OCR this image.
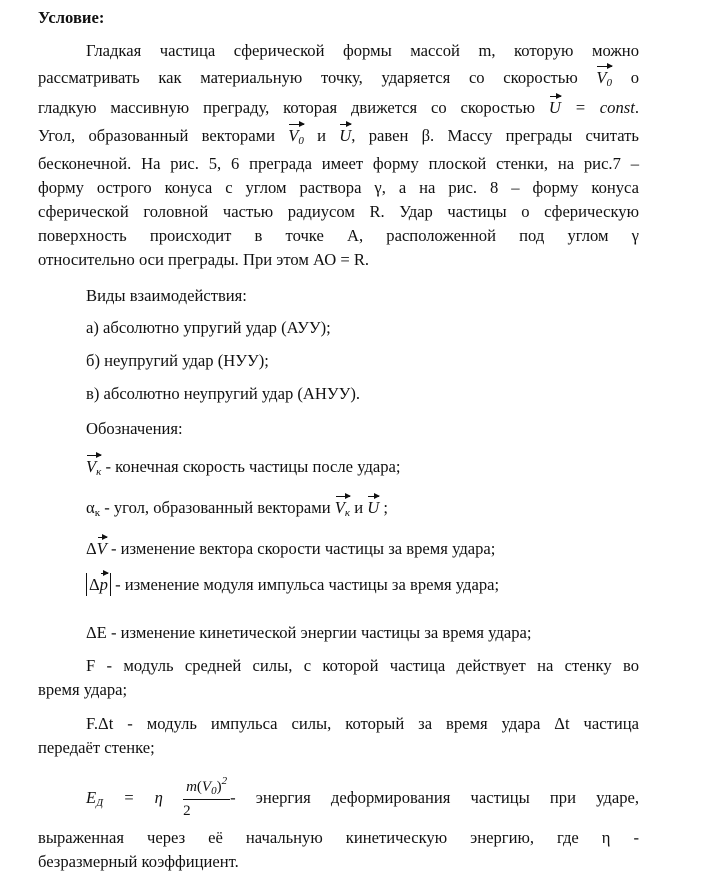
Условие:
Гладкая частица сферической формы массой m, которую можно
рассматривать как материальную точку, ударяется со скоростью $V_0$ о
гладкую массивную преграду, которая движется со скоростью U = const.
Угол, образованный векторами $V_0$ и U, равен β. Массу преграды считать
бесконечной. На рис. 5, 6 преграда имеет форму плоской стенки, на рис.7 –
форму острого конуса с углом раствора γ, а на рис. 8 – форму конуса
сферической головной частью радиусом R. Удар частицы о сферическую
поверхность происходит в точке А, расположенной под углом γ
относительно оси преграды. При этом АО = R.
Виды взаимодействия:
а) абсолютно упругий удар (АУУ);
б) неупругий удар (НУУ);
в) абсолютно неупругий удар (АНУУ).
Обозначения:
$V_к$ - конечная скорость частицы после удара;
$\alpha_к$ - угол, образованный векторами $V_к$ и U ;
ΔV - изменение вектора скорости частицы за время удара;
Δp - изменение модуля импульса частицы за время удара;
ΔЕ - изменение кинетической энергии частицы за время удара;
F - модуль средней силы, с которой частица действует на стенку во
время удара;
F.Δt - модуль импульса силы, который за время удара Δt частица
передаёт стенке;
$E_Д = \eta \frac{m(V_0)^2}{2}$ - энергия деформирования частицы при ударе,
выраженная через её начальную кинетическую энергию, где η -
безразмерный коэффициент.
